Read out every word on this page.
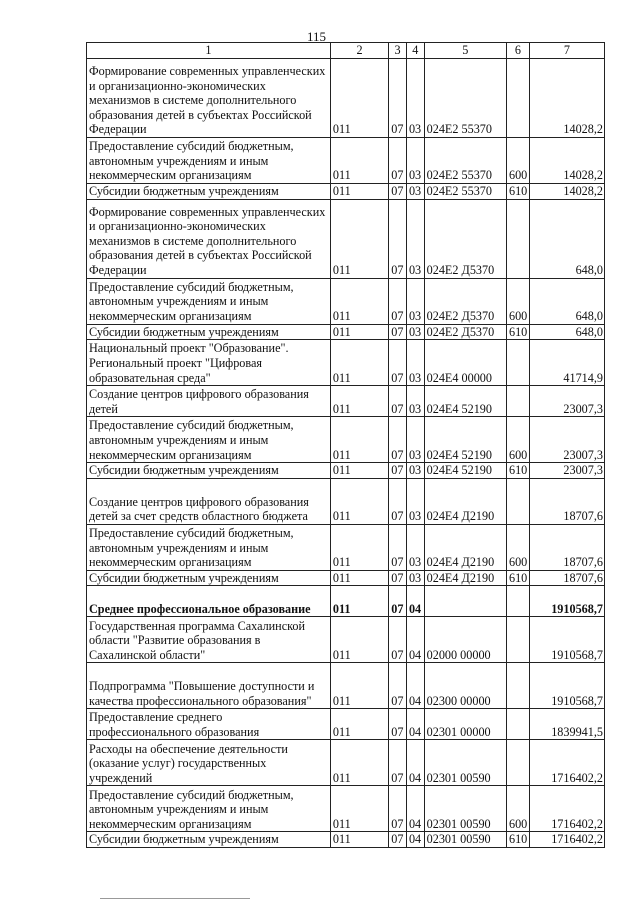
115
1	2	3	4	5	6	7
Формирование современных управленческих и организационно-экономических механизмов в системе дополнительного образования детей в субъектах Российской Федерации	011	07	03	024E2 55370		14028,2
Предоставление субсидий бюджетным, автономным учреждениям и иным некоммерческим организациям	011	07	03	024E2 55370	600	14028,2
Субсидии бюджетным учреждениям	011	07	03	024E2 55370	610	14028,2
Формирование современных управленческих и организационно-экономических механизмов в системе дополнительного образования детей в субъектах Российской Федерации	011	07	03	024E2 Д5370		648,0
Предоставление субсидий бюджетным, автономным учреждениям и иным некоммерческим организациям	011	07	03	024E2 Д5370	600	648,0
Субсидии бюджетным учреждениям	011	07	03	024E2 Д5370	610	648,0
Национальный проект "Образование". Региональный проект "Цифровая образовательная среда"	011	07	03	024E4 00000		41714,9
Создание центров цифрового образования детей	011	07	03	024E4 52190		23007,3
Предоставление субсидий бюджетным, автономным учреждениям и иным некоммерческим организациям	011	07	03	024E4 52190	600	23007,3
Субсидии бюджетным учреждениям	011	07	03	024E4 52190	610	23007,3
Создание центров цифрового образования детей за счет средств областного бюджета	011	07	03	024E4 Д2190		18707,6
Предоставление субсидий бюджетным, автономным учреждениям и иным некоммерческим организациям	011	07	03	024E4 Д2190	600	18707,6
Субсидии бюджетным учреждениям	011	07	03	024E4 Д2190	610	18707,6
Среднее профессиональное образование	011	07	04			1910568,7
Государственная программа Сахалинской области "Развитие образования в Сахалинской области"	011	07	04	02000 00000		1910568,7
Подпрограмма "Повышение доступности и качества профессионального образования"	011	07	04	02300 00000		1910568,7
Предоставление среднего профессионального образования	011	07	04	02301 00000		1839941,5
Расходы на обеспечение деятельности (оказание услуг) государственных учреждений	011	07	04	02301 00590		1716402,2
Предоставление субсидий бюджетным, автономным учреждениям и иным некоммерческим организациям	011	07	04	02301 00590	600	1716402,2
Субсидии бюджетным учреждениям	011	07	04	02301 00590	610	1716402,2
